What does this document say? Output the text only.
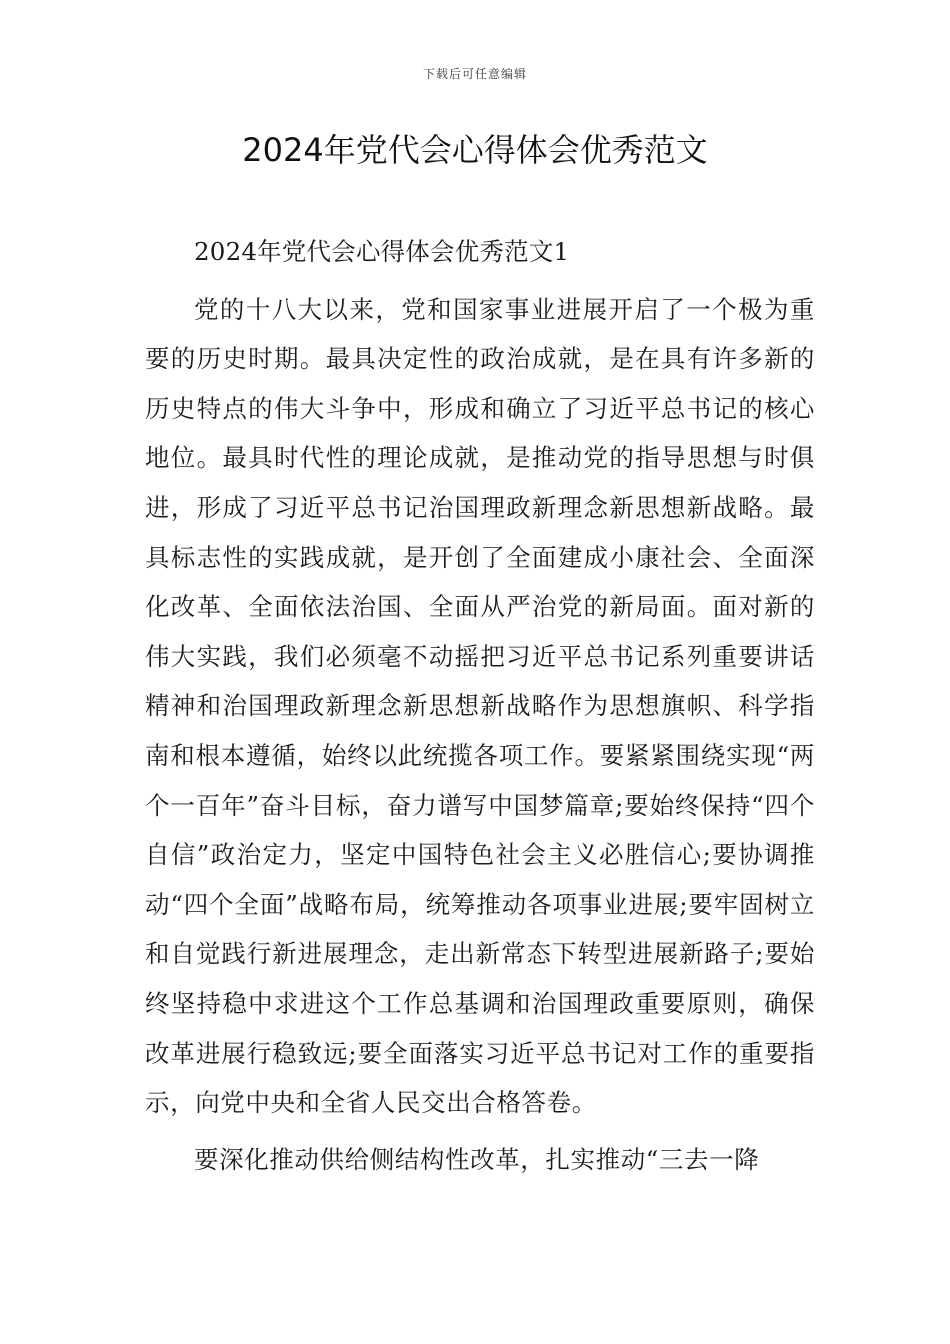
下载后可任意编辑
2024年党代会心得体会优秀范文

2024年党代会心得体会优秀范文1

党的十八大以来，党和国家事业进展开启了一个极为重要的历史时期。最具决定性的政治成就，是在具有许多新的历史特点的伟大斗争中，形成和确立了习近平总书记的核心地位。最具时代性的理论成就，是推动党的指导思想与时俱进，形成了习近平总书记治国理政新理念新思想新战略。最具标志性的实践成就，是开创了全面建成小康社会、全面深化改革、全面依法治国、全面从严治党的新局面。面对新的伟大实践，我们必须毫不动摇把习近平总书记系列重要讲话精神和治国理政新理念新思想新战略作为思想旗帜、科学指南和根本遵循，始终以此统揽各项工作。要紧紧围绕实现“两个一百年”奋斗目标，奋力谱写中国梦篇章;要始终保持“四个自信”政治定力，坚定中国特色社会主义必胜信心;要协调推动“四个全面”战略布局，统筹推动各项事业进展;要牢固树立和自觉践行新进展理念，走出新常态下转型进展新路子;要始终坚持稳中求进这个工作总基调和治国理政重要原则，确保改革进展行稳致远;要全面落实习近平总书记对工作的重要指示，向党中央和全省人民交出合格答卷。

要深化推动供给侧结构性改革，扎实推动“三去一降
